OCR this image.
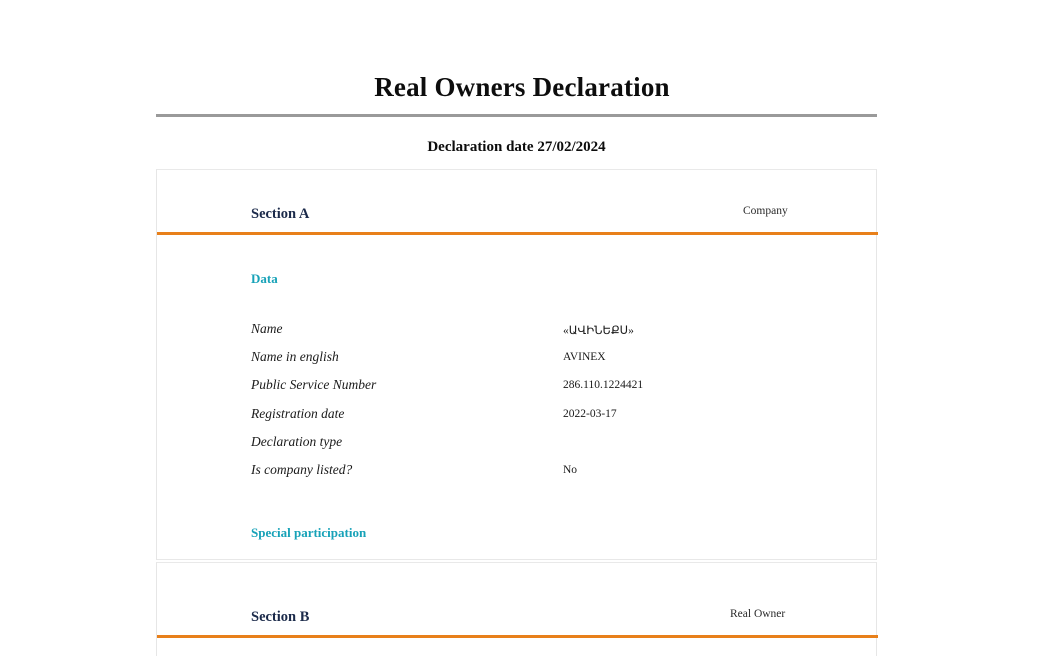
Real Owners Declaration
Declaration date 27/02/2024
Section A	Company
Data
Name	«ԱՎԻՆԵՔՍ»
Name in english	AVINEX
Public Service Number	286.110.1224421
Registration date	2022-03-17
Declaration type
Is company listed?	No
Special participation
Section B	Real Owner
